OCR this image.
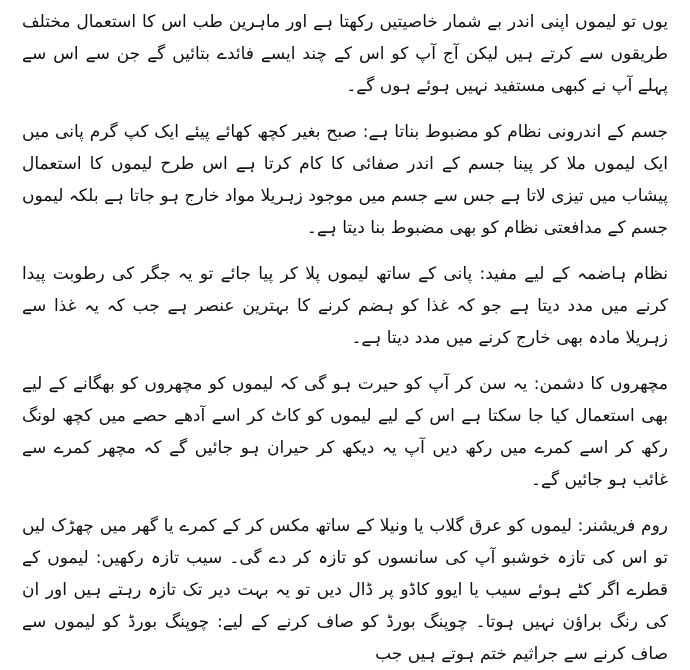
یوں تو لیموں اپنی اندر بے شمار خاصیتیں رکھتا ہے اور ماہرین طب اس کا استعمال مختلف طریقوں سے کرتے ہیں لیکن آج آپ کو اس کے چند ایسے فائدے بتائیں گے جن سے اس سے پہلے آپ نے کبھی مستفید نہیں ہوئے ہوں گے۔

جسم کے اندرونی نظام کو مضبوط بناتا ہے: صبح بغیر کچھ کھائے پیئے ایک کپ گرم پانی میں ایک لیموں ملا کر پینا جسم کے اندر صفائی کا کام کرتا ہے اس طرح لیموں کا استعمال پیشاب میں تیزی لاتا ہے جس سے جسم میں موجود زہریلا مواد خارج ہو جاتا ہے بلکہ لیموں جسم کے مدافعتی نظام کو بھی مضبوط بنا دیتا ہے۔

نظام ہاضمہ کے لیے مفید: پانی کے ساتھ لیموں پلا کر پیا جائے تو یہ جگر کی رطوبت پیدا کرنے میں مدد دیتا ہے جو کہ غذا کو ہضم کرنے کا بہترین عنصر ہے جب کہ یہ غذا سے زہریلا مادہ بھی خارج کرنے میں مدد دیتا ہے۔

مچھروں کا دشمن: یہ سن کر آپ کو حیرت ہو گی کہ لیموں کو مچھروں کو بھگانے کے لیے بھی استعمال کیا جا سکتا ہے اس کے لیے لیموں کو کاٹ کر اسے آدھے حصے میں کچھ لونگ رکھ کر اسے کمرے میں رکھ دیں آپ یہ دیکھ کر حیران ہو جائیں گے کہ مچھر کمرے سے غائب ہو جائیں گے۔

روم فریشنر: لیموں کو عرق گلاب یا ونیلا کے ساتھ مکس کر کے کمرے یا گھر میں چھڑک لیں تو اس کی تازہ خوشبو آپ کی سانسوں کو تازہ کر دے گی۔ سیب تازہ رکھیں: لیموں کے قطرے اگر کٹے ہوئے سیب یا ایوو کاڈو پر ڈال دیں تو یہ بہت دیر تک تازہ رہتے ہیں اور ان کی رنگ براؤن نہیں ہوتا۔ چوپنگ بورڈ کو صاف کرنے کے لیے: چوپنگ بورڈ کو لیموں سے صاف کرنے سے جراثیم ختم ہوتے ہیں جب
